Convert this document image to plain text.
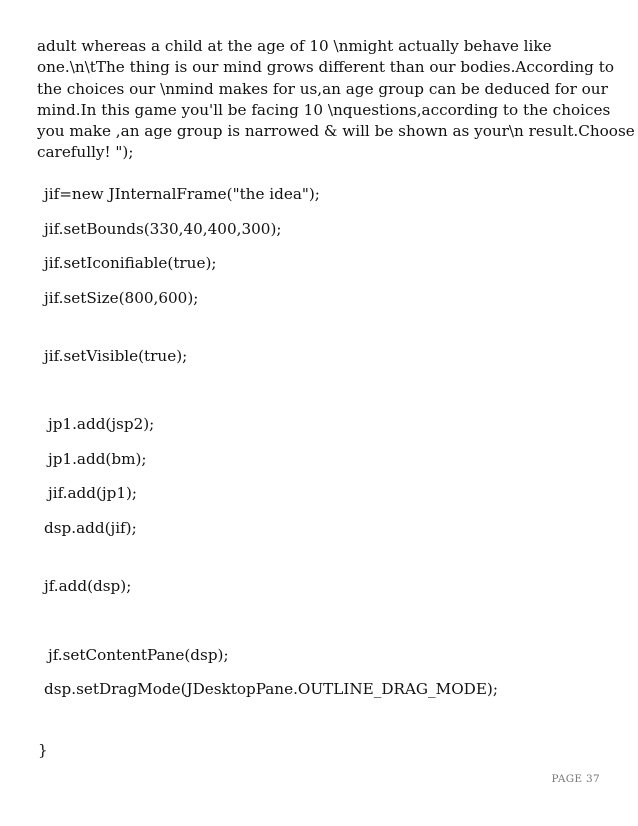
adult whereas a child at the age of 10 \nmight actually behave like
one.\n\tThe thing is our mind grows different than our bodies.According to
the choices our \nmind makes for us,an age group can be deduced for our
mind.In this game you'll be facing 10 \nquestions,according to the choices
you make ,an age group is narrowed & will be shown as your\n result.Choose
carefully! ");
jif=new JInternalFrame("the idea");
jif.setBounds(330,40,400,300);
jif.setIconifiable(true);
jif.setSize(800,600);
jif.setVisible(true);
jp1.add(jsp2);
jp1.add(bm);
jif.add(jp1);
dsp.add(jif);
jf.add(dsp);
jf.setContentPane(dsp);
dsp.setDragMode(JDesktopPane.OUTLINE_DRAG_MODE);
}
PAGE 37
